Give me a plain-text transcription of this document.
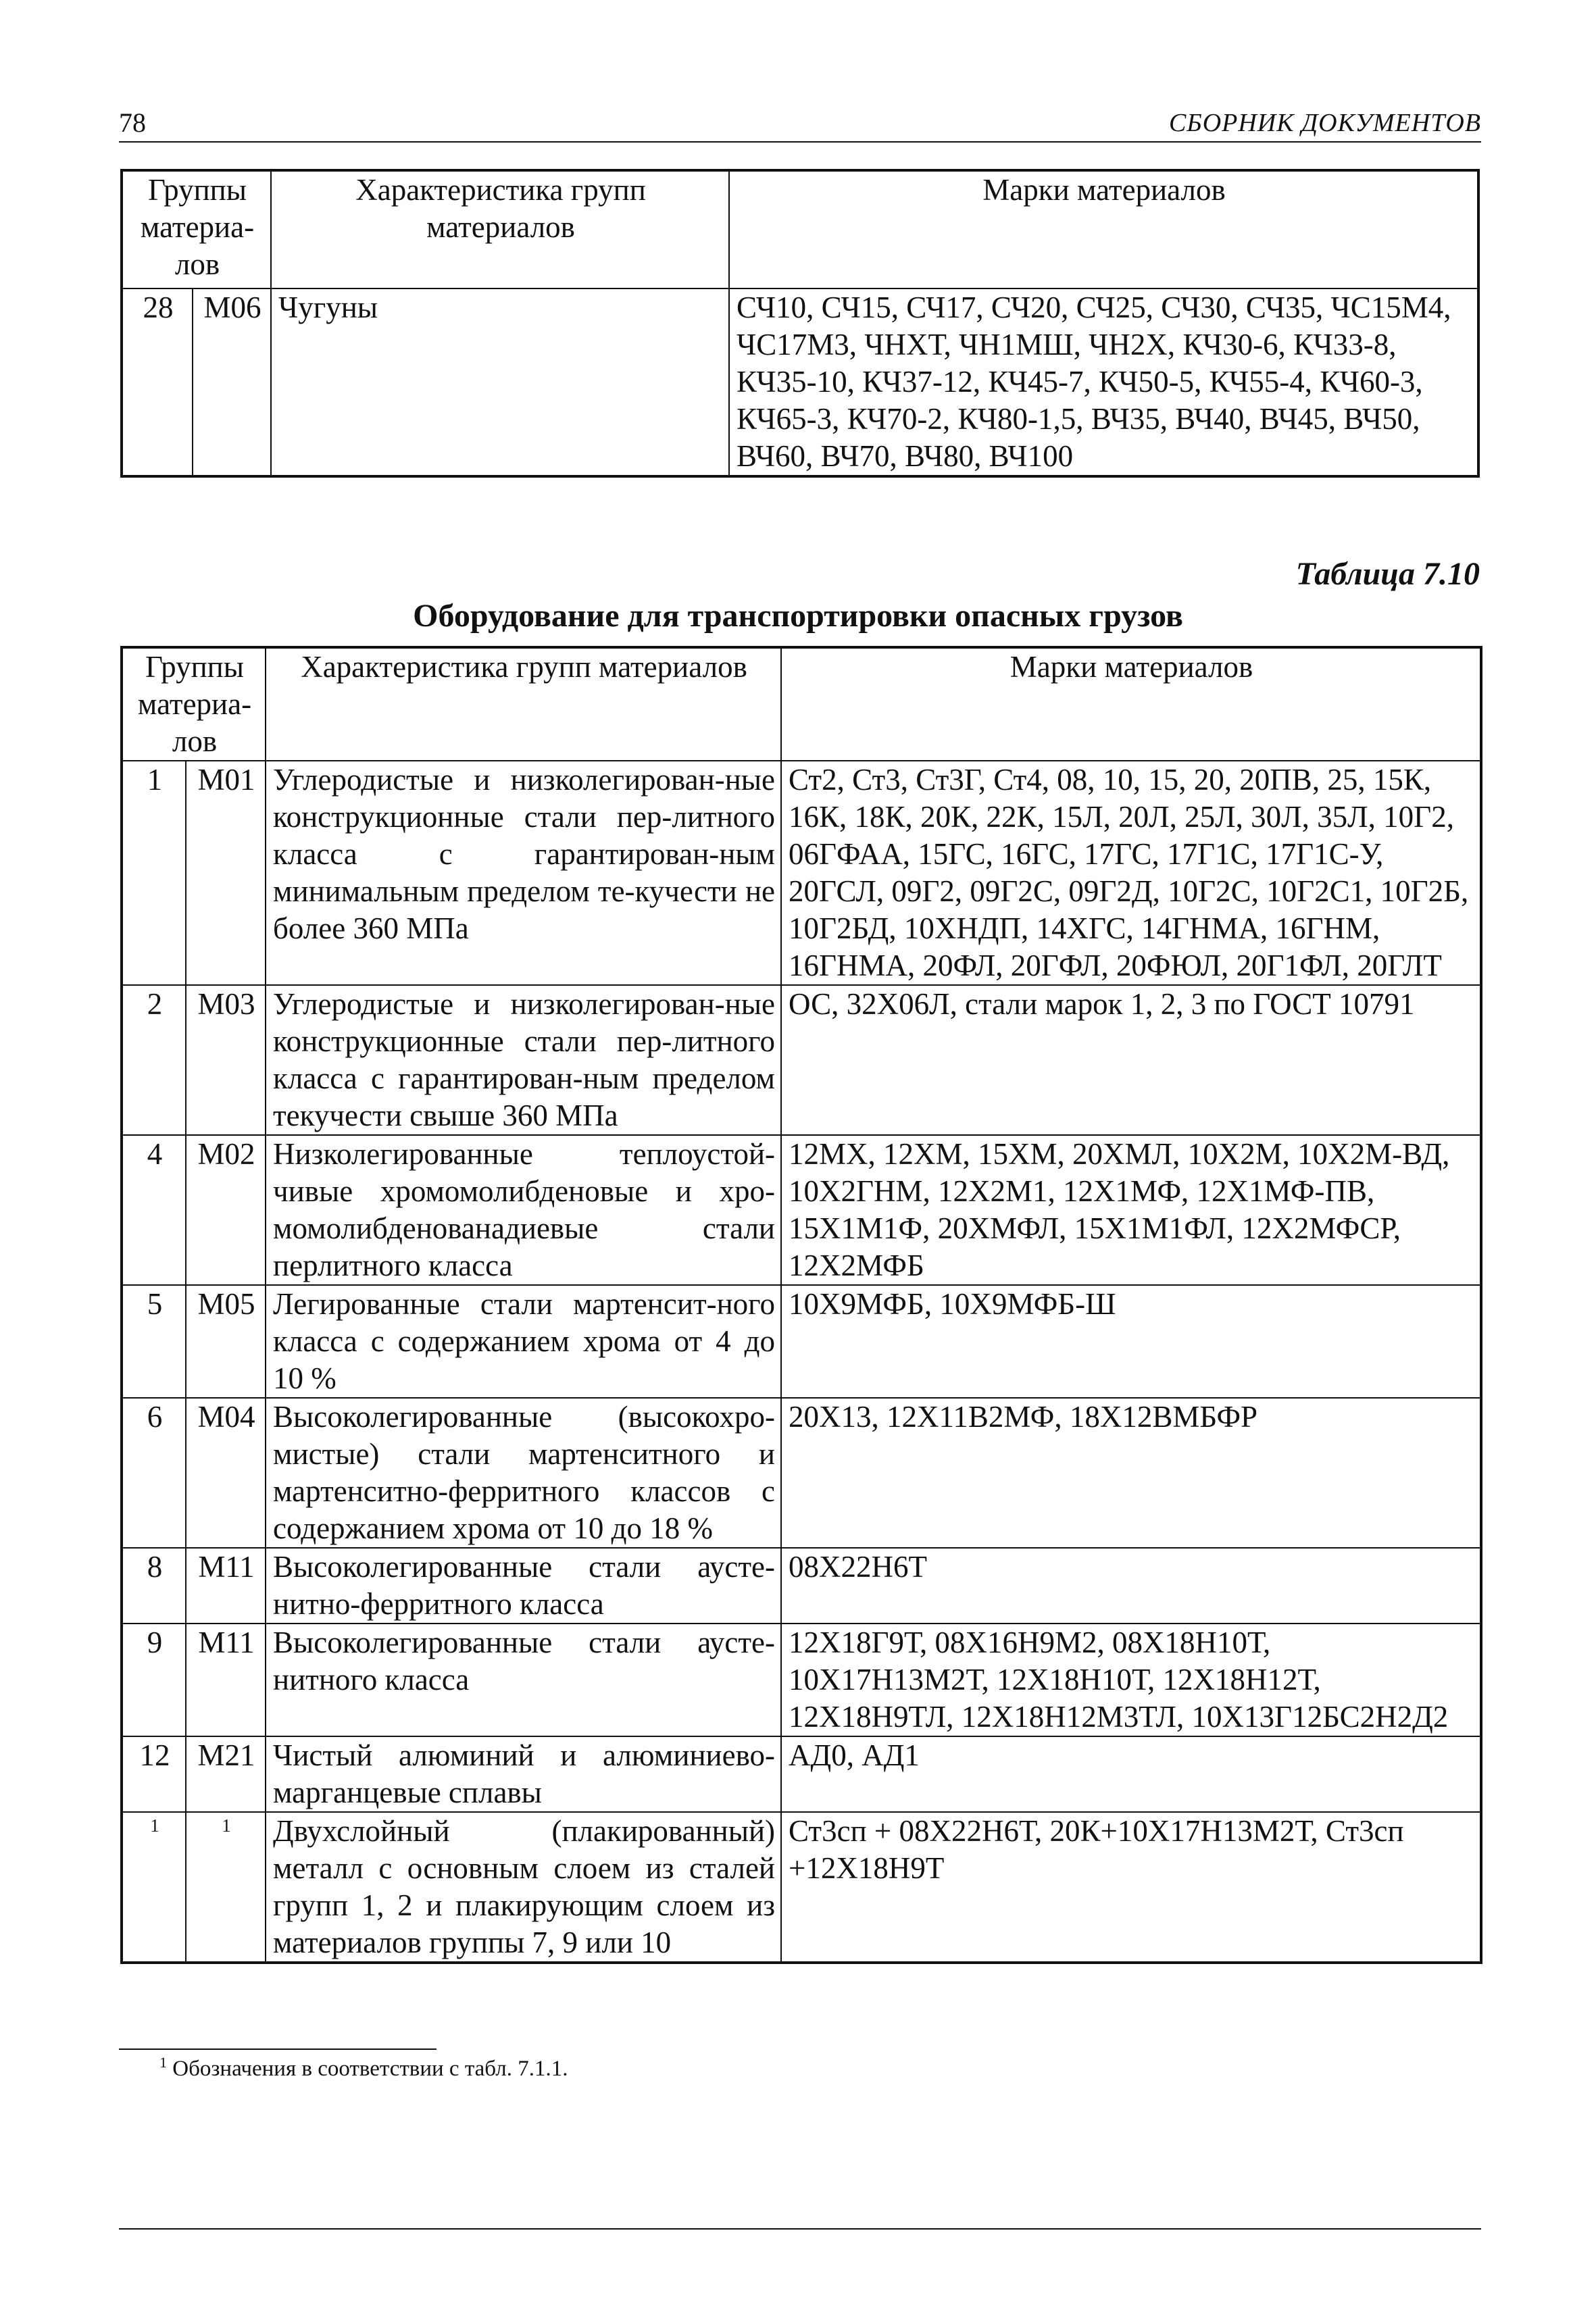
78	СБОРНИК ДОКУМЕНТОВ
Группы материа-лов		Характеристика групп материалов	Марки материалов
28	М06	Чугуны	СЧ10, СЧ15, СЧ17, СЧ20, СЧ25, СЧ30, СЧ35, ЧС15М4, ЧС17М3, ЧНХТ, ЧН1МШ, ЧН2Х, КЧ30-6, КЧ33-8, КЧ35-10, КЧ37-12, КЧ45-7, КЧ50-5, КЧ55-4, КЧ60-3, КЧ65-3, КЧ70-2, КЧ80-1,5, ВЧ35, ВЧ40, ВЧ45, ВЧ50, ВЧ60, ВЧ70, ВЧ80, ВЧ100
Таблица 7.10
Оборудование для транспортировки опасных грузов
Группы материа-лов		Характеристика групп материалов	Марки материалов
1	М01	Углеродистые и низколегирован-ные конструкционные стали пер-литного класса с гарантирован-ным минимальным пределом те-кучести не более 360 МПа	Ст2, Ст3, Ст3Г, Ст4, 08, 10, 15, 20, 20ПВ, 25, 15К, 16К, 18К, 20К, 22К, 15Л, 20Л, 25Л, 30Л, 35Л, 10Г2, 06ГФАА, 15ГС, 16ГС, 17ГС, 17Г1С, 17Г1С-У, 20ГСЛ, 09Г2, 09Г2С, 09Г2Д, 10Г2С, 10Г2С1, 10Г2Б, 10Г2БД, 10ХНДП, 14ХГС, 14ГНМА, 16ГНМ, 16ГНМА, 20ФЛ, 20ГФЛ, 20ФЮЛ, 20Г1ФЛ, 20ГЛТ
2	М03	Углеродистые и низколегирован-ные конструкционные стали пер-литного класса с гарантирован-ным пределом текучести свыше 360 МПа	ОС, 32Х06Л, стали марок 1, 2, 3 по ГОСТ 10791
4	М02	Низколегированные теплоустой-чивые хромомолибденовые и хро-момолибденованадиевые стали перлитного класса	12МХ, 12ХМ, 15ХМ, 20ХМЛ, 10Х2М, 10Х2М-ВД, 10Х2ГНМ, 12Х2М1, 12Х1МФ, 12Х1МФ-ПВ, 15Х1М1Ф, 20ХМФЛ, 15Х1М1ФЛ, 12Х2МФСР, 12Х2МФБ
5	М05	Легированные стали мартенсит-ного класса с содержанием хрома от 4 до 10 %	10Х9МФБ, 10Х9МФБ-Ш
6	М04	Высоколегированные (высокохро-мистые) стали мартенситного и мартенситно-ферритного классов с содержанием хрома от 10 до 18 %	20Х13, 12Х11В2МФ, 18Х12ВМБФР
8	М11	Высоколегированные стали аусте-нитно-ферритного класса	08Х22Н6Т
9	М11	Высоколегированные стали аусте-нитного класса	12Х18Г9Т, 08Х16Н9М2, 08Х18Н10Т, 10Х17Н13М2Т, 12Х18Н10Т, 12Х18Н12Т, 12Х18Н9ТЛ, 12Х18Н12М3ТЛ, 10Х13Г12БС2Н2Д2
12	М21	Чистый алюминий и алюминиево-марганцевые сплавы	АД0, АД1
1	1	Двухслойный (плакированный) металл с основным слоем из сталей групп 1, 2 и плакирующим слоем из материалов группы 7, 9 или 10	Ст3сп + 08Х22Н6Т, 20К+10Х17Н13М2Т, Ст3сп +12Х18Н9Т
$^1$ Обозначения в соответствии с табл. 7.1.1.
